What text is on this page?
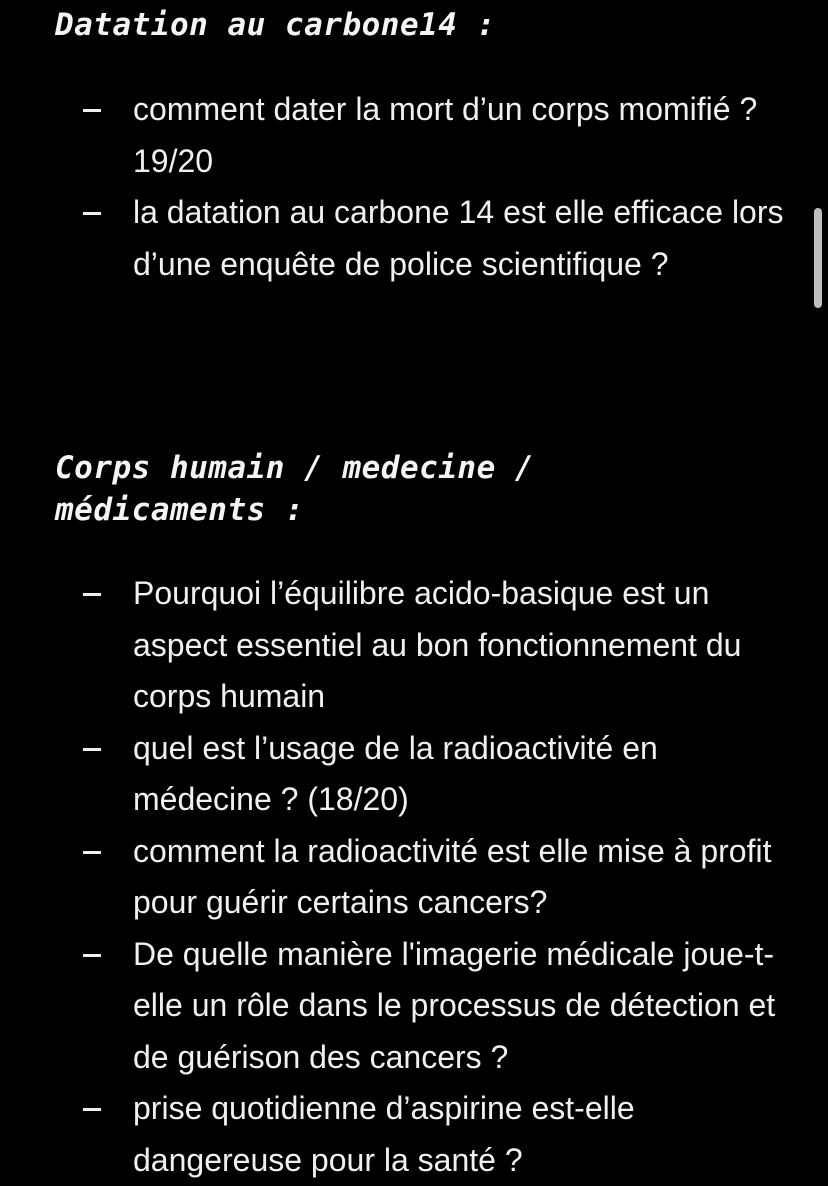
Datation au carbone14 :
comment dater la mort d’un corps momifié ? 19/20
la datation au carbone 14 est elle efficace lors d’une enquête de police scientifique ?
Corps humain / medecine / médicaments :
Pourquoi l’équilibre acido-basique est un aspect essentiel au bon fonctionnement du corps humain
quel est l’usage de la radioactivité en médecine ? (18/20)
comment la radioactivité est elle mise à profit pour guérir certains cancers?
De quelle manière l'imagerie médicale joue-t-elle un rôle dans le processus de détection et de guérison des cancers ?
prise quotidienne d’aspirine est-elle dangereuse pour la santé ?
